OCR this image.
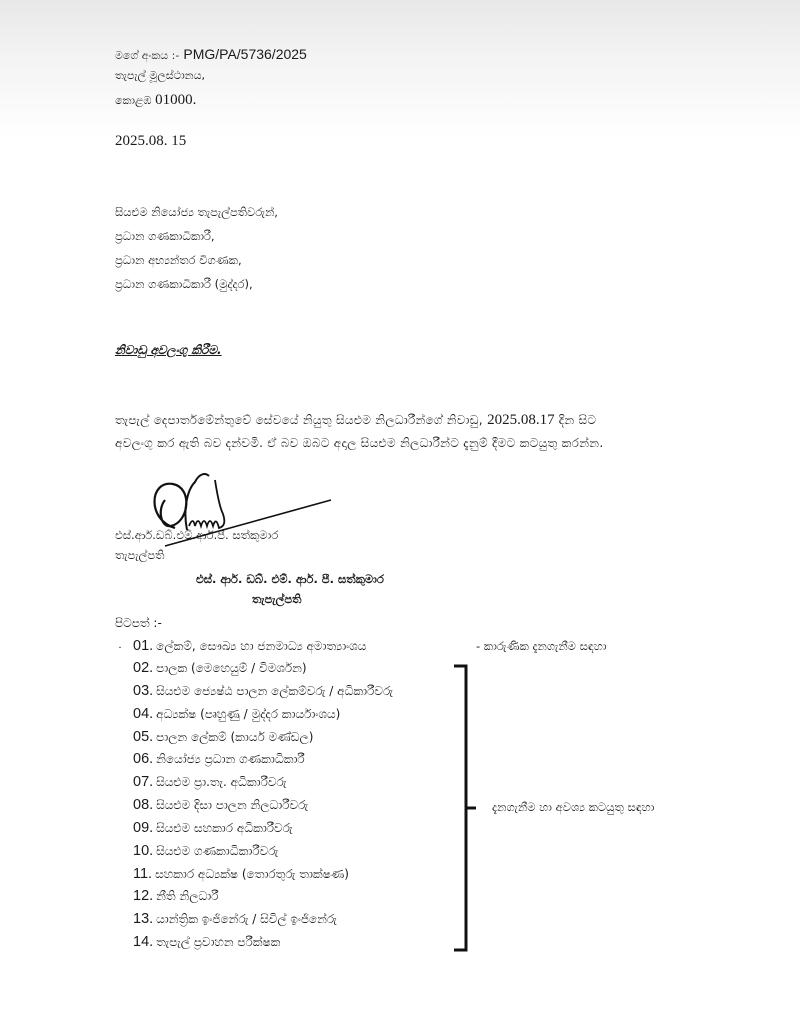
මගේ අංකය :- PMG/PA/5736/2025
තැපැල් මූලස්ථානය,
කොළඹ 01000.
2025.08. 15
සියළුම නියෝජ්‍ය තැපැල්පතිවරුන්,
ප්‍රධාන ගණකාධිකාරී,
ප්‍රධාන අභ්‍යන්තර විගණක,
ප්‍රධාන ගණකාධිකාරී (මුද්දර),
නිවාඩු අවලංගු කිරීම.
තැපැල් දෙපාර්තමේන්තුවේ සේවයේ නියුතු සියළුම නිලධාරීන්ගේ නිවාඩු, 2025.08.17 දින සිට
අවලංගු කර ඇති බව දන්වමි. ඒ බව ඔබට අදාල සියළුම නිලධාරීන්ට දැනුම් දීමට කටයුතු කරන්න.
එස්.ආර්.ඩබ්.එම්.ආර්.පී. සත්කුමාර
තැපැල්පති
එස්. ආර්. ඩබ්. එම්. ආර්. පී. සත්කුමාර
තැපැල්පති
පිටපත් :-
· 01. ලේකම්, සෞඛ්‍ය හා ජනමාධ්‍ය අමාත්‍යාංශය
02. පාලක (මෙහෙයුම් / විමර්ශන)
03. සියළුම ජ්‍යෙෂ්ඨ පාලන ලේකම්වරු / අධිකාරීවරු
04. අධ්‍යක්ෂ (ප්‍රුහුණු / මුද්දර කාර්යාංශය)
05. පාලන ලේකම් (කාර්ය මණ්ඩල)
06. නියෝජ්‍ය ප්‍රධාන ගණකාධිකාරී
07. සියළුම ප්‍රා.තැ. අධිකාරීවරු
08. සියළුම දිසා පාලන නිලධාරීවරු
09. සියළුම සහකාර අධිකාරීවරු
10. සියළුම ගණකාධිකාරීවරු
11. සහකාර අධ්‍යක්ෂ (තොරතුරු තාක්ෂණ)
12. නීති නිලධාරී
13. යාන්ත්‍රික ඉංජිනේරු / සිවිල් ඉංජිනේරු
14. තැපැල් ප්‍රවාහන පරීක්ෂක
- කාරුණික දැනගැනීම සඳහා
දැනගැනීම හා අවශ්‍ය කටයුතු සඳහා
